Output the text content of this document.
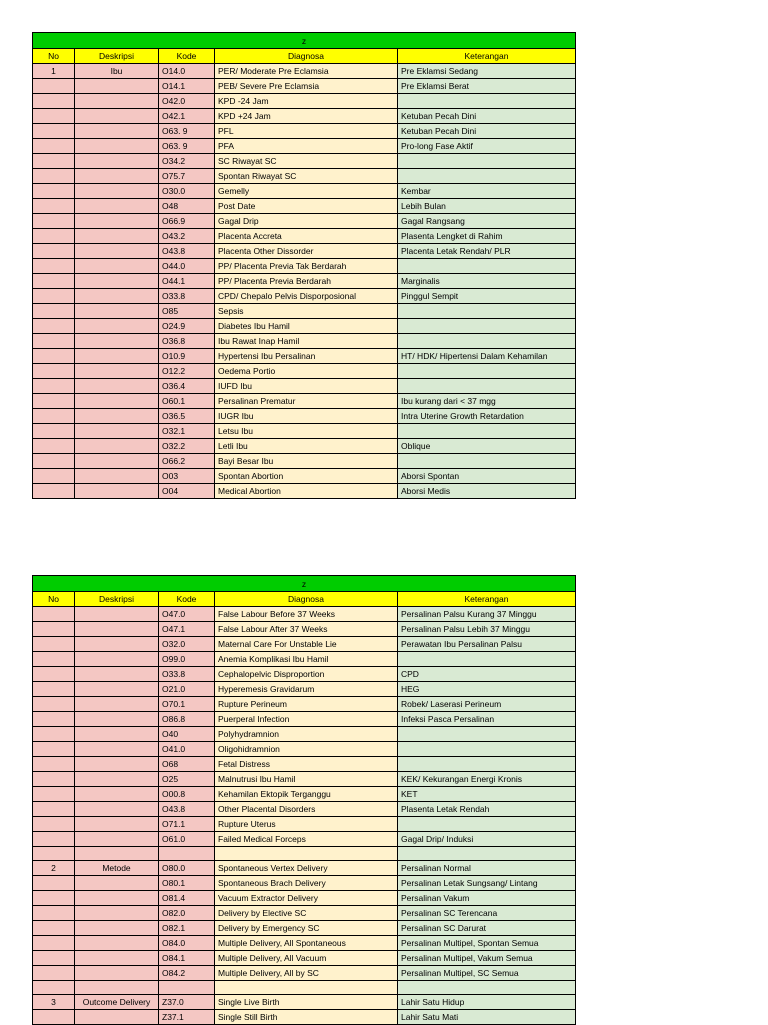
z				
No	Deskripsi	Kode	Diagnosa	Keterangan
1	Ibu	O14.0	PER/ Moderate Pre Eclamsia	Pre Eklamsi Sedang
		O14.1	PEB/ Severe Pre Eclamsia	Pre Eklamsi Berat
		O42.0	KPD -24 Jam	
		O42.1	KPD +24 Jam	Ketuban Pecah Dini
		O63. 9	PFL	Ketuban Pecah Dini
		O63. 9	PFA	Pro-long Fase Aktif
		O34.2	SC Riwayat SC	
		O75.7	Spontan Riwayat SC	
		O30.0	Gemelly	Kembar
		O48	Post Date	Lebih Bulan
		O66.9	Gagal Drip	Gagal Rangsang
		O43.2	Placenta Accreta	Plasenta Lengket di Rahim
		O43.8	Placenta Other Dissorder	Placenta Letak Rendah/ PLR
		O44.0	PP/ Placenta Previa Tak Berdarah	
		O44.1	PP/ Placenta Previa Berdarah	Marginalis
		O33.8	CPD/ Chepalo Pelvis Disporposional	Pinggul Sempit
		O85	Sepsis	
		O24.9	Diabetes Ibu Hamil	
		O36.8	Ibu Rawat Inap Hamil	
		O10.9	Hypertensi Ibu Persalinan	HT/ HDK/ Hipertensi Dalam Kehamilan
		O12.2	Oedema Portio	
		O36.4	IUFD Ibu	
		O60.1	Persalinan Prematur	Ibu kurang dari < 37 mgg
		O36.5	IUGR Ibu	Intra Uterine Growth Retardation
		O32.1	Letsu Ibu	
		O32.2	Letli Ibu	Oblique
		O66.2	Bayi Besar Ibu	
		O03	Spontan Abortion	Aborsi Spontan
		O04	Medical Abortion	Aborsi Medis
z				
No	Deskripsi	Kode	Diagnosa	Keterangan
		O47.0	False Labour Before 37 Weeks	Persalinan Palsu Kurang 37 Minggu
		O47.1	False Labour After 37 Weeks	Persalinan Palsu Lebih 37 Minggu
		O32.0	Maternal Care For Unstable Lie	Perawatan Ibu Persalinan Palsu
		O99.0	Anemia Komplikasi Ibu Hamil	
		O33.8	Cephalopelvic Disproportion	CPD
		O21.0	Hyperemesis Gravidarum	HEG
		O70.1	Rupture Perineum	Robek/ Laserasi Perineum
		O86.8	Puerperal Infection	Infeksi Pasca Persalinan
		O40	Polyhydramnion	
		O41.0	Oligohidramnion	
		O68	Fetal Distress	
		O25	Malnutrusi Ibu Hamil	KEK/ Kekurangan Energi Kronis
		O00.8	Kehamilan Ektopik Terganggu	KET
		O43.8	Other Placental Disorders	Plasenta Letak Rendah
		O71.1	Rupture Uterus	
		O61.0	Failed Medical Forceps	Gagal Drip/ Induksi

2	Metode	O80.0	Spontaneous Vertex Delivery	Persalinan Normal
		O80.1	Spontaneous Brach Delivery	Persalinan Letak Sungsang/ Lintang
		O81.4	Vacuum Extractor Delivery	Persalinan Vakum
		O82.0	Delivery by Elective SC	Persalinan SC Terencana
		O82.1	Delivery by Emergency SC	Persalinan SC Darurat
		O84.0	Multiple Delivery, All Spontaneous	Persalinan Multipel, Spontan Semua
		O84.1	Multiple Delivery, All Vacuum	Persalinan Multipel, Vakum Semua
		O84.2	Multiple Delivery, All by SC	Persalinan Multipel, SC Semua

3	Outcome Delivery	Z37.0	Single Live Birth	Lahir Satu Hidup
		Z37.1	Single Still Birth	Lahir Satu Mati
